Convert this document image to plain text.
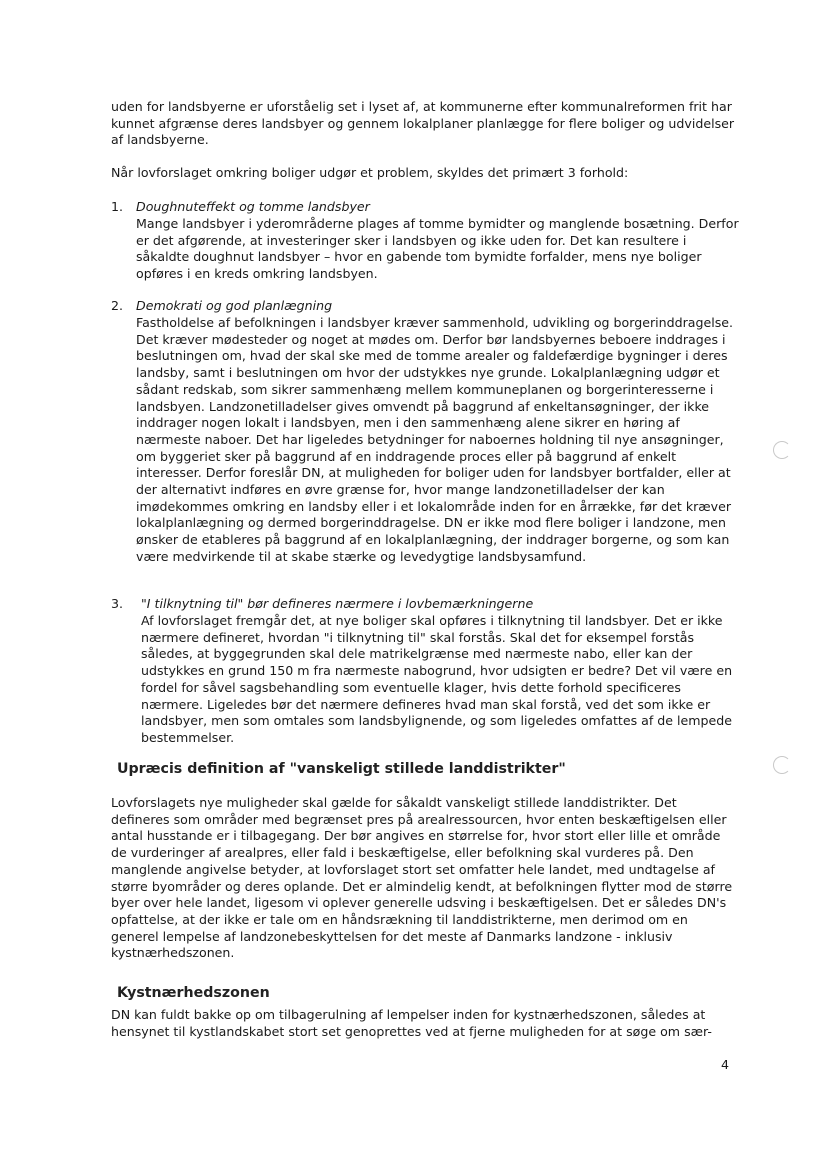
uden for landsbyerne er uforståelig set i lyset af, at kommunerne efter kommunalreformen frit har kunnet afgrænse deres landsbyer og gennem lokalplaner planlægge for flere boliger og udvidelser af landsbyerne.

Når lovforslaget omkring boliger udgør et problem, skyldes det primært 3 forhold:

1. Doughnuteffekt og tomme landsbyer

Mange landsbyer i yderområderne plages af tomme bymidter og manglende bosætning. Derfor er det afgørende, at investeringer sker i landsbyen og ikke uden for. Det kan resultere i såkaldte doughnut landsbyer – hvor en gabende tom bymidte forfalder, mens nye boliger opføres i en kreds omkring landsbyen.

2. Demokrati og god planlægning

Fastholdelse af befolkningen i landsbyer kræver sammenhold, udvikling og borgerinddragelse. Det kræver mødesteder og noget at mødes om. Derfor bør landsbyernes beboere inddrages i beslutningen om, hvad der skal ske med de tomme arealer og faldefærdige bygninger i deres landsby, samt i beslutningen om hvor der udstykkes nye grunde. Lokalplanlægning udgør et sådant redskab, som sikrer sammenhæng mellem kommuneplanen og borgerinteresserne i landsbyen. Landzonetilladelser gives omvendt på baggrund af enkeltansøgninger, der ikke inddrager nogen lokalt i landsbyen, men i den sammenhæng alene sikrer en høring af nærmeste naboer. Det har ligeledes betydninger for naboernes holdning til nye ansøgninger, om byggeriet sker på baggrund af en inddragende proces eller på baggrund af enkelt interesser. Derfor foreslår DN, at muligheden for boliger uden for landsbyer bortfalder, eller at der alternativt indføres en øvre grænse for, hvor mange landzonetilladelser der kan imødekommes omkring en landsby eller i et lokalområde inden for en årrække, før det kræver lokalplanlægning og dermed borgerinddragelse. DN er ikke mod flere boliger i landzone, men ønsker de etableres på baggrund af en lokalplanlægning, der inddrager borgerne, og som kan være medvirkende til at skabe stærke og levedygtige landsbysamfund.

3. "I tilknytning til" bør defineres nærmere i lovbemærkningerne

Af lovforslaget fremgår det, at nye boliger skal opføres i tilknytning til landsbyer. Det er ikke nærmere defineret, hvordan "i tilknytning til" skal forstås. Skal det for eksempel forstås således, at byggegrunden skal dele matrikelgrænse med nærmeste nabo, eller kan der udstykkes en grund 150 m fra nærmeste nabogrund, hvor udsigten er bedre? Det vil være en fordel for såvel sagsbehandling som eventuelle klager, hvis dette forhold specificeres nærmere. Ligeledes bør det nærmere defineres hvad man skal forstå, ved det som ikke er landsbyer, men som omtales som landsbylignende, og som ligeledes omfattes af de lempede bestemmelser.

Upræcis definition af "vanskeligt stillede landdistrikter"

Lovforslagets nye muligheder skal gælde for såkaldt vanskeligt stillede landdistrikter. Det defineres som områder med begrænset pres på arealressourcen, hvor enten beskæftigelsen eller antal husstande er i tilbagegang. Der bør angives en størrelse for, hvor stort eller lille et område de vurderinger af arealpres, eller fald i beskæftigelse, eller befolkning skal vurderes på. Den manglende angivelse betyder, at lovforslaget stort set omfatter hele landet, med undtagelse af større byområder og deres oplande. Det er almindelig kendt, at befolkningen flytter mod de større byer over hele landet, ligesom vi oplever generelle udsving i beskæftigelsen. Det er således DN's opfattelse, at der ikke er tale om en håndsrækning til landdistrikterne, men derimod om en generel lempelse af landzonebeskyttelsen for det meste af Danmarks landzone - inklusiv kystnærhedszonen.

Kystnærhedszonen

DN kan fuldt bakke op om tilbagerulning af lempelser inden for kystnærhedszonen, således at hensynet til kystlandskabet stort set genoprettes ved at fjerne muligheden for at søge om sær-

4
